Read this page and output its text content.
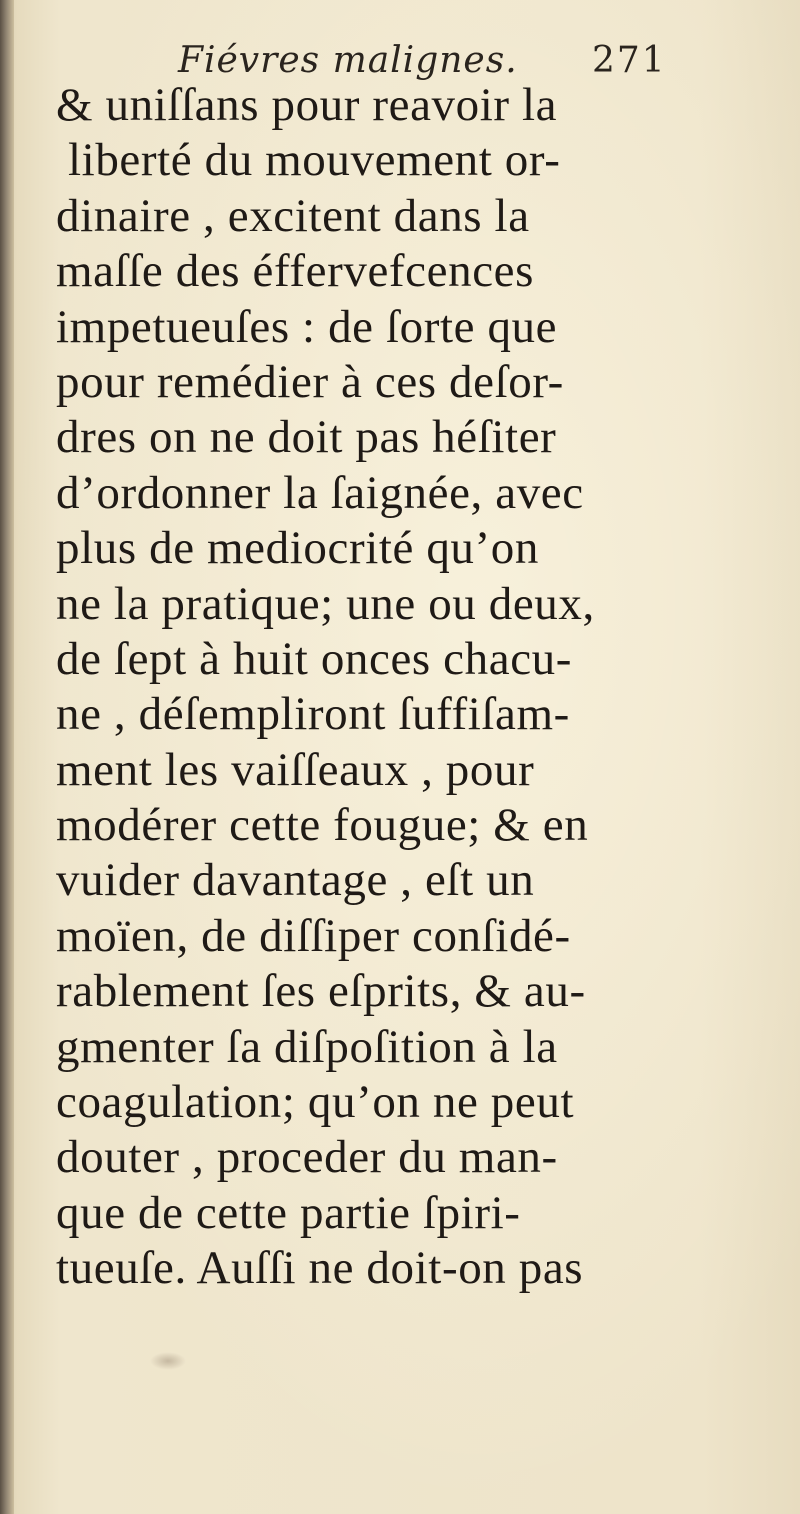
Fiévres malignes. 271
& uniſſans pour reavoir la
liberté du mouvement or-
dinaire , excitent dans la
maſſe des éffervefcences
impetueuſes : de ſorte que
pour remédier à ces deſor-
dres on ne doit pas héſiter
d’ordonner la ſaignée, avec
plus de mediocrité qu’on
ne la pratique; une ou deux,
de ſept à huit onces chacu-
ne , déſempliront ſuffiſam-
ment les vaiſſeaux , pour
modérer cette fougue; & en
vuider davantage , eſt un
moïen, de diſſiper conſidé-
rablement ſes eſprits, & au-
gmenter ſa diſpoſition à la
coagulation; qu’on ne peut
douter , proceder du man-
que de cette partie ſpiri-
tueuſe. Auſſi ne doit-on pas
